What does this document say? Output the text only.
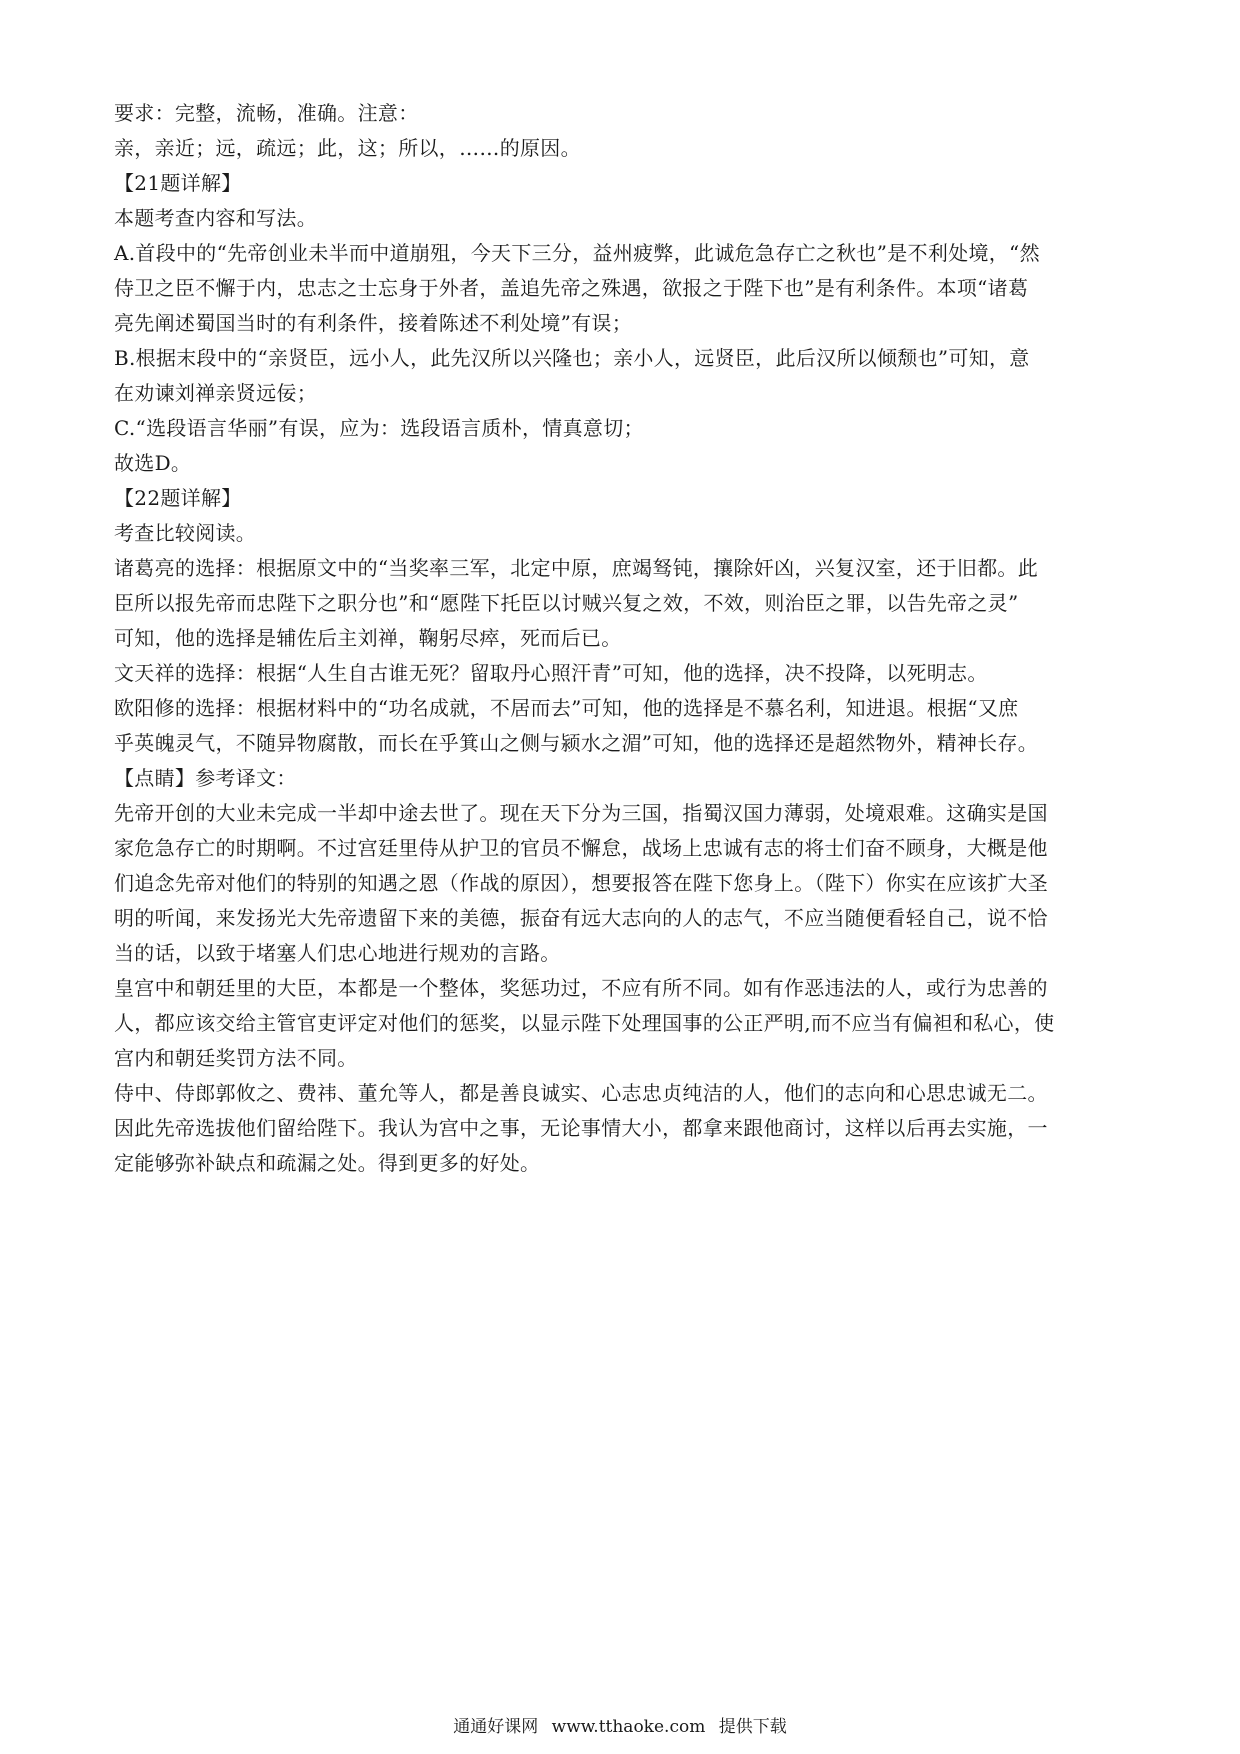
要求：完整，流畅，准确。注意：

亲，亲近；远，疏远；此，这；所以，……的原因。

【21题详解】

本题考查内容和写法。

A.首段中的“先帝创业未半而中道崩殂，今天下三分，益州疲弊，此诚危急存亡之秋也”是不利处境，“然

侍卫之臣不懈于内，忠志之士忘身于外者，盖追先帝之殊遇，欲报之于陛下也”是有利条件。本项“诸葛

亮先阐述蜀国当时的有利条件，接着陈述不利处境”有误；

B.根据末段中的“亲贤臣，远小人，此先汉所以兴隆也；亲小人，远贤臣，此后汉所以倾颓也”可知，意

在劝谏刘禅亲贤远佞；

C.“选段语言华丽”有误，应为：选段语言质朴，情真意切；

故选D。

【22题详解】

考查比较阅读。

诸葛亮的选择：根据原文中的“当奖率三军，北定中原，庶竭驽钝，攘除奸凶，兴复汉室，还于旧都。此

臣所以报先帝而忠陛下之职分也”和“愿陛下托臣以讨贼兴复之效，不效，则治臣之罪，以告先帝之灵”

可知，他的选择是辅佐后主刘禅，鞠躬尽瘁，死而后已。

文天祥的选择：根据“人生自古谁无死？留取丹心照汗青”可知，他的选择，决不投降，以死明志。

欧阳修的选择：根据材料中的“功名成就，不居而去”可知，他的选择是不慕名利，知进退。根据“又庶

乎英魄灵气，不随异物腐散，而长在乎箕山之侧与颍水之湄”可知，他的选择还是超然物外，精神长存。

【点睛】参考译文：

先帝开创的大业未完成一半却中途去世了。现在天下分为三国，指蜀汉国力薄弱，处境艰难。这确实是国

家危急存亡的时期啊。不过宫廷里侍从护卫的官员不懈怠，战场上忠诚有志的将士们奋不顾身，大概是他

们追念先帝对他们的特别的知遇之恩（作战的原因），想要报答在陛下您身上。（陛下）你实在应该扩大圣

明的听闻，来发扬光大先帝遗留下来的美德，振奋有远大志向的人的志气，不应当随便看轻自己，说不恰

当的话，以致于堵塞人们忠心地进行规劝的言路。

皇宫中和朝廷里的大臣，本都是一个整体，奖惩功过，不应有所不同。如有作恶违法的人，或行为忠善的

人，都应该交给主管官吏评定对他们的惩奖，以显示陛下处理国事的公正严明,而不应当有偏袒和私心，使

宫内和朝廷奖罚方法不同。

侍中、侍郎郭攸之、费祎、董允等人，都是善良诚实、心志忠贞纯洁的人，他们的志向和心思忠诚无二。

因此先帝选拔他们留给陛下。我认为宫中之事，无论事情大小，都拿来跟他商讨，这样以后再去实施，一

定能够弥补缺点和疏漏之处。得到更多的好处。

通通好课网 www.tthaoke.com 提供下载
